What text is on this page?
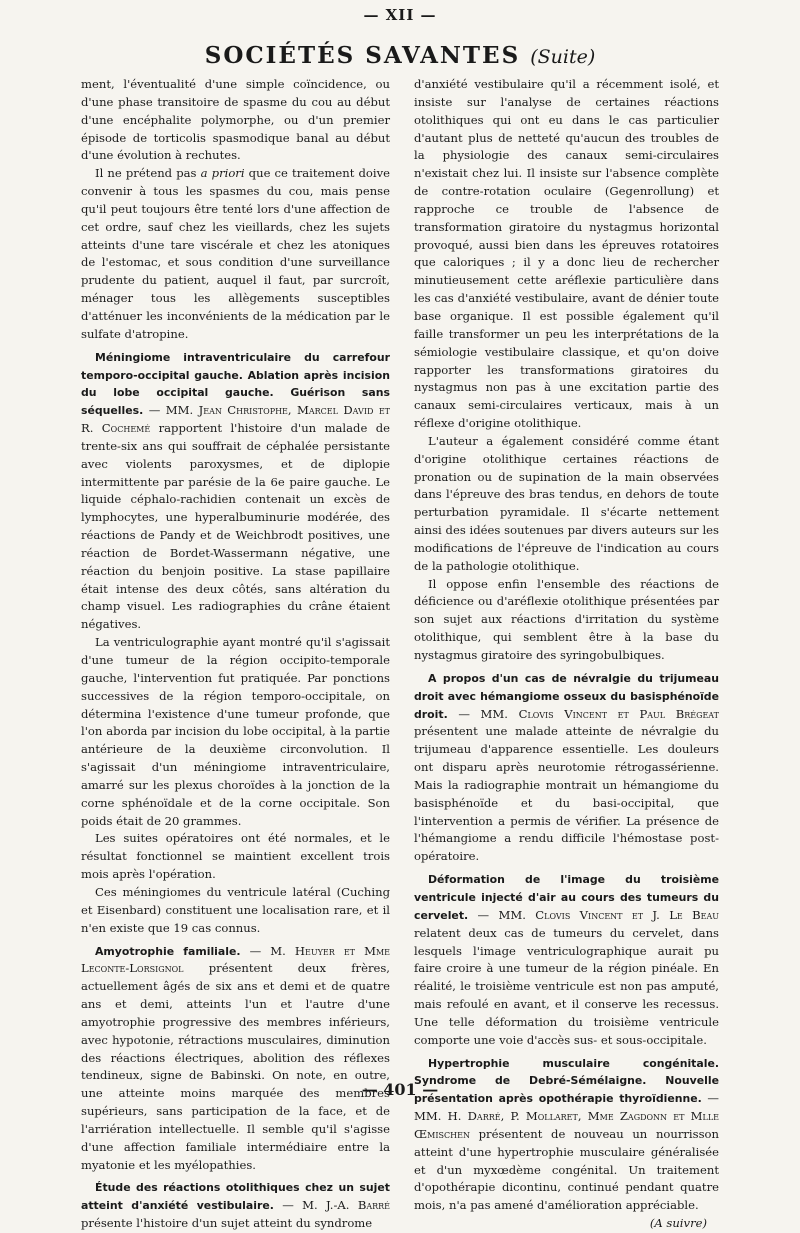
— XII —
SOCIÉTÉS SAVANTES (Suite)

ment, l'éventualité d'une simple coïncidence, ou d'une phase transitoire de spasme du cou au début d'une encéphalite polymorphe, ou d'un premier épisode de torticolis spasmodique banal au début d'une évolution à rechutes.

Il ne prétend pas a priori que ce traitement doive convenir à tous les spasmes du cou, mais pense qu'il peut toujours être tenté lors d'une affection de cet ordre, sauf chez les vieillards, chez les sujets atteints d'une tare viscérale et chez les atoniques de l'estomac, et sous condition d'une surveillance prudente du patient, auquel il faut, par surcroît, ménager tous les allègements susceptibles d'atténuer les inconvénients de la médication par le sulfate d'atropine.

Méningiome intraventriculaire du carrefour temporo-occipital gauche. Ablation après incision du lobe occipital gauche. Guérison sans séquelles. — MM. Jean Christophe, Marcel David et R. Cochemé rapportent l'histoire d'un malade de trente-six ans qui souffrait de céphalée persistante avec violents paroxysmes, et de diplopie intermittente par parésie de la 6e paire gauche. Le liquide céphalo-rachidien contenait un excès de lymphocytes, une hyperalbuminurie modérée, des réactions de Pandy et de Weichbrodt positives, une réaction de Bordet-Wassermann négative, une réaction du benjoin positive. La stase papillaire était intense des deux côtés, sans altération du champ visuel. Les radiographies du crâne étaient négatives.

La ventriculographie ayant montré qu'il s'agissait d'une tumeur de la région occipito-temporale gauche, l'intervention fut pratiquée. Par ponctions successives de la région temporo-occipitale, on détermina l'existence d'une tumeur profonde, que l'on aborda par incision du lobe occipital, à la partie antérieure de la deuxième circonvolution. Il s'agissait d'un méningiome intraventriculaire, amarré sur les plexus choroïdes à la jonction de la corne sphénoïdale et de la corne occipitale. Son poids était de 20 grammes.

Les suites opératoires ont été normales, et le résultat fonctionnel se maintient excellent trois mois après l'opération.

Ces méningiomes du ventricule latéral (Cuching et Eisenbard) constituent une localisation rare, et il n'en existe que 19 cas connus.

Amyotrophie familiale. — M. Heuyer et Mme Leconte-Lorsignol présentent deux frères, actuellement âgés de six ans et demi et de quatre ans et demi, atteints l'un et l'autre d'une amyotrophie progressive des membres inférieurs, avec hypotonie, rétractions musculaires, diminution des réactions électriques, abolition des réflexes tendineux, signe de Babinski. On note, en outre, une atteinte moins marquée des membres supérieurs, sans participation de la face, et de l'arriération intellectuelle. Il semble qu'il s'agisse d'une affection familiale intermédiaire entre la myatonie et les myélopathies.

Étude des réactions otolithiques chez un sujet atteint d'anxiété vestibulaire. — M. J.-A. Barré présente l'histoire d'un sujet atteint du syndrome

d'anxiété vestibulaire qu'il a récemment isolé, et insiste sur l'analyse de certaines réactions otolithiques qui ont eu dans le cas particulier d'autant plus de netteté qu'aucun des troubles de la physiologie des canaux semi-circulaires n'existait chez lui. Il insiste sur l'absence complète de contre-rotation oculaire (Gegenrollung) et rapproche ce trouble de l'absence de transformation giratoire du nystagmus horizontal provoqué, aussi bien dans les épreuves rotatoires que caloriques ; il y a donc lieu de rechercher minutieusement cette aréflexie particulière dans les cas d'anxiété vestibulaire, avant de dénier toute base organique. Il est possible également qu'il faille transformer un peu les interprétations de la sémiologie vestibulaire classique, et qu'on doive rapporter les transformations giratoires du nystagmus non pas à une excitation partie des canaux semi-circulaires verticaux, mais à un réflexe d'origine otolithique.

L'auteur a également considéré comme étant d'origine otolithique certaines réactions de pronation ou de supination de la main observées dans l'épreuve des bras tendus, en dehors de toute perturbation pyramidale. Il s'écarte nettement ainsi des idées soutenues par divers auteurs sur les modifications de l'épreuve de l'indication au cours de la pathologie otolithique.

Il oppose enfin l'ensemble des réactions de déficience ou d'aréflexie otolithique présentées par son sujet aux réactions d'irritation du système otolithique, qui semblent être à la base du nystagmus giratoire des syringobulbiques.

A propos d'un cas de névralgie du trijumeau droit avec hémangiome osseux du basisphénoïde droit. — MM. Clovis Vincent et Paul Brégeat présentent une malade atteinte de névralgie du trijumeau d'apparence essentielle. Les douleurs ont disparu après neurotomie rétrogassérienne. Mais la radiographie montrait un hémangiome du basisphénoïde et du basi-occipital, que l'intervention a permis de vérifier. La présence de l'hémangiome a rendu difficile l'hémostase post-opératoire.

Déformation de l'image du troisième ventricule injecté d'air au cours des tumeurs du cervelet. — MM. Clovis Vincent et J. Le Beau relatent deux cas de tumeurs du cervelet, dans lesquels l'image ventriculographique aurait pu faire croire à une tumeur de la région pinéale. En réalité, le troisième ventricule est non pas amputé, mais refoulé en avant, et il conserve les recessus. Une telle déformation du troisième ventricule comporte une voie d'accès sus- et sous-occipitale.

Hypertrophie musculaire congénitale. Syndrome de Debré-Sémélaigne. Nouvelle présentation après opothérapie thyroïdienne. — MM. H. Darré, P. Mollaret, Mme Zagdonn et Mlle Œmischen présentent de nouveau un nourrisson atteint d'une hypertrophie musculaire généralisée et d'un myxœdème congénital. Un traitement d'opothérapie dicontinu, continué pendant quatre mois, n'a pas amené d'amélioration appréciable.

(A suivre)

— 401 —
